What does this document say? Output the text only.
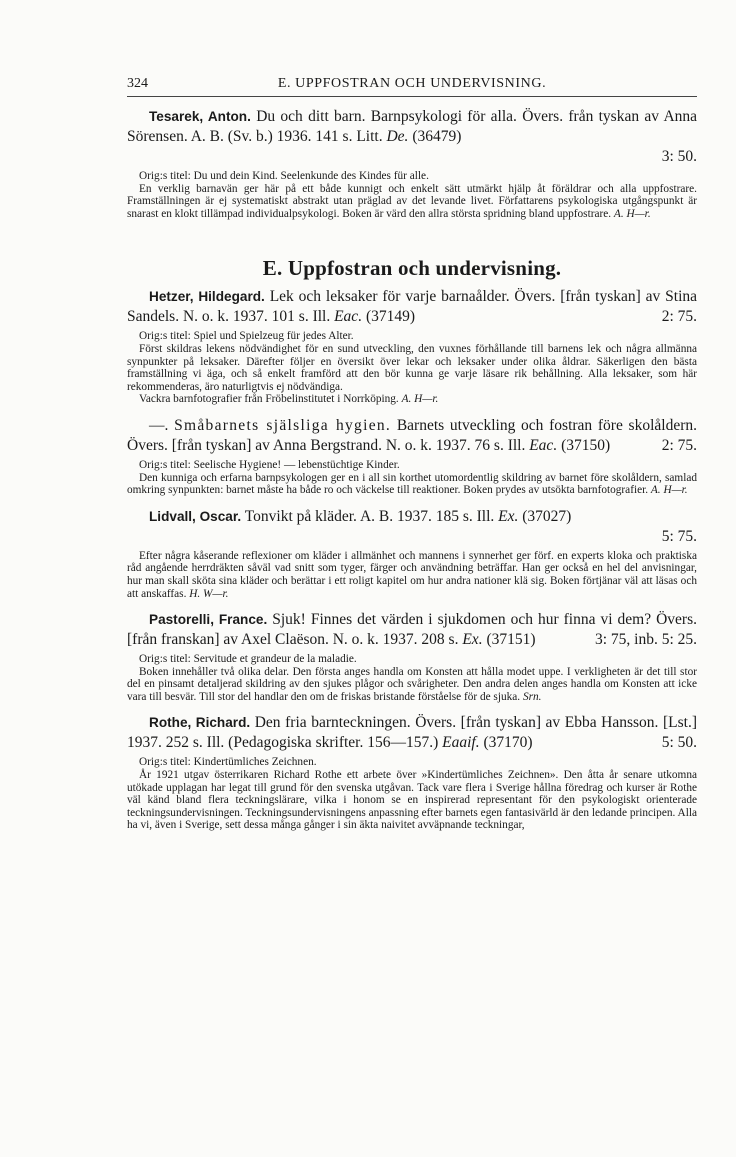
324	E. UPPFOSTRAN OCH UNDERVISNING.
Tesarek, Anton. Du och ditt barn. Barnpsykologi för alla. Övers. från tyskan av Anna Sörensen. A. B. (Sv. b.) 1936. 141 s. Litt. De. (36479)
3: 50.

Orig:s titel: Du und dein Kind. Seelenkunde des Kindes für alle.

En verklig barnavän ger här på ett både kunnigt och enkelt sätt utmärkt hjälp åt föräldrar och alla uppfostrare. Framställningen är ej systematiskt abstrakt utan präglad av det levande livet. Författarens psykologiska utgångspunkt är snarast en klokt tillämpad individualpsykologi. Boken är värd den allra största spridning bland uppfostrare. A. H—r.

E. Uppfostran och undervisning.
Hetzer, Hildegard. Lek och leksaker för varje barnaålder. Övers. [från tyskan] av Stina Sandels. N. o. k. 1937. 101 s. Ill. Eac. (37149)	2: 75.

Orig:s titel: Spiel und Spielzeug für jedes Alter.

Först skildras lekens nödvändighet för en sund utveckling, den vuxnes förhållande till barnens lek och några allmänna synpunkter på leksaker. Därefter följer en översikt över lekar och leksaker under olika åldrar. Säkerligen den bästa framställning vi äga, och så enkelt framförd att den bör kunna ge varje läsare rik behållning. Alla leksaker, som här rekommenderas, äro naturligtvis ej nödvändiga.

Vackra barnfotografier från Fröbelinstitutet i Norrköping. A. H—r.

—. Småbarnets själsliga hygien. Barnets utveckling och fostran före skolåldern. Övers. [från tyskan] av Anna Bergstrand. N. o. k. 1937. 76 s. Ill. Eac. (37150)	2: 75.

Orig:s titel: Seelische Hygiene! — lebenstüchtige Kinder.

Den kunniga och erfarna barnpsykologen ger en i all sin korthet utomordentlig skildring av barnet före skolåldern, samlad omkring synpunkten: barnet måste ha både ro och väckelse till reaktioner. Boken prydes av utsökta barnfotografier. A. H—r.

Lidvall, Oscar. Tonvikt på kläder. A. B. 1937. 185 s. Ill. Ex. (37027)
5: 75.

Efter några kåserande reflexioner om kläder i allmänhet och mannens i synnerhet ger förf. en experts kloka och praktiska råd angående herrdräkten såväl vad snitt som tyger, färger och användning beträffar. Han ger också en hel del anvisningar, hur man skall sköta sina kläder och berättar i ett roligt kapitel om hur andra nationer klä sig. Boken förtjänar väl att läsas och att anskaffas. H. W—r.

Pastorelli, France. Sjuk! Finnes det värden i sjukdomen och hur finna vi dem? Övers. [från franskan] av Axel Claëson. N. o. k. 1937. 208 s. Ex. (37151)	3: 75, inb. 5: 25.

Orig:s titel: Servitude et grandeur de la maladie.

Boken innehåller två olika delar. Den första anges handla om Konsten att hålla modet uppe. I verkligheten är det till stor del en pinsamt detaljerad skildring av den sjukes plågor och svårigheter. Den andra delen anges handla om Konsten att icke vara till besvär. Till stor del handlar den om de friskas bristande förståelse för de sjuka. Srn.

Rothe, Richard. Den fria barnteckningen. Övers. [från tyskan] av Ebba Hansson. [Lst.] 1937. 252 s. Ill. (Pedagogiska skrifter. 156—157.) Eaaif. (37170)	5: 50.

Orig:s titel: Kindertümliches Zeichnen.

År 1921 utgav österrikaren Richard Rothe ett arbete över »Kindertümliches Zeichnen». Den åtta år senare utkomna utökade upplagan har legat till grund för den svenska utgåvan. Tack vare flera i Sverige hållna föredrag och kurser är Rothe väl känd bland flera teckningslärare, vilka i honom se en inspirerad representant för den psykologiskt orienterade teckningsundervisningen. Teckningsundervisningens anpassning efter barnets egen fantasivärld är den ledande principen. Alla ha vi, även i Sverige, sett dessa många gånger i sin äkta naivitet avväpnande teckningar,
